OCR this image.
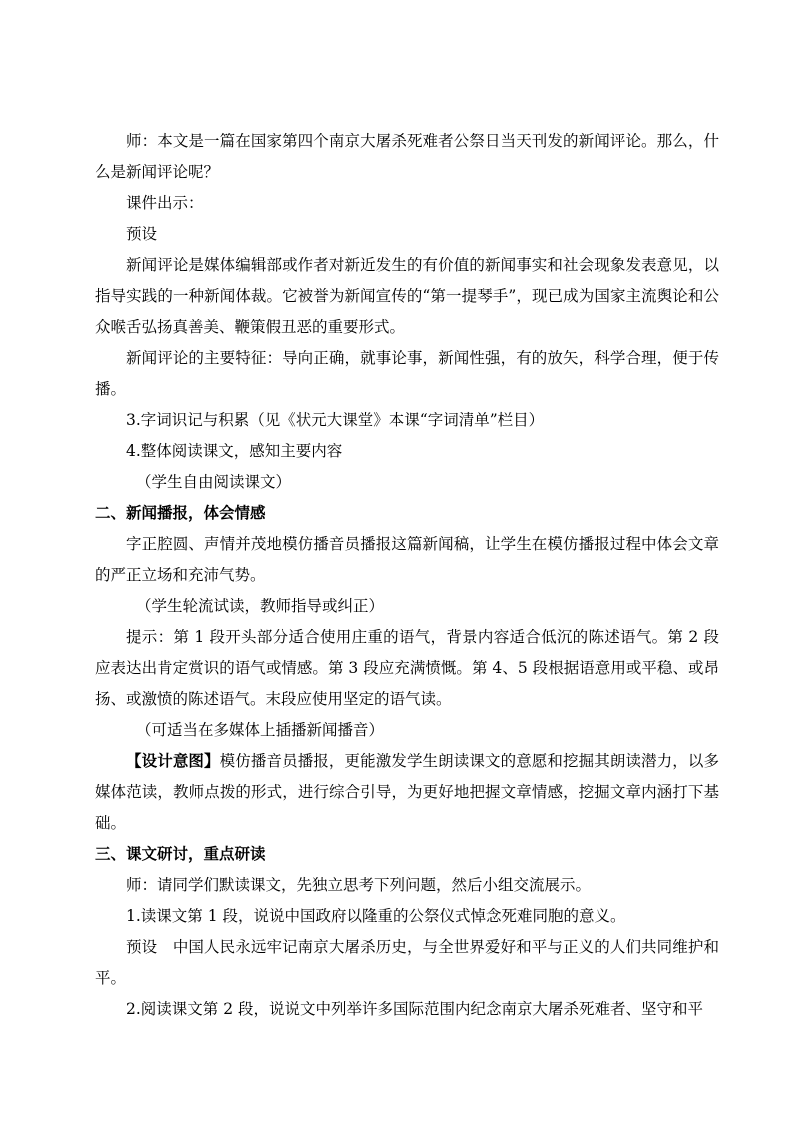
师：本文是一篇在国家第四个南京大屠杀死难者公祭日当天刊发的新闻评论。那么，什么是新闻评论呢？

课件出示：

预设

新闻评论是媒体编辑部或作者对新近发生的有价值的新闻事实和社会现象发表意见，以指导实践的一种新闻体裁。它被誉为新闻宣传的“第一提琴手”，现已成为国家主流舆论和公众喉舌弘扬真善美、鞭策假丑恶的重要形式。

新闻评论的主要特征：导向正确，就事论事，新闻性强，有的放矢，科学合理，便于传播。

3.字词识记与积累（见《状元大课堂》本课“字词清单”栏目）

4.整体阅读课文，感知主要内容

（学生自由阅读课文）

二、新闻播报，体会情感

字正腔圆、声情并茂地模仿播音员播报这篇新闻稿，让学生在模仿播报过程中体会文章的严正立场和充沛气势。

（学生轮流试读，教师指导或纠正）

提示：第 1 段开头部分适合使用庄重的语气，背景内容适合低沉的陈述语气。第 2 段应表达出肯定赏识的语气或情感。第 3 段应充满愤慨。第 4、5 段根据语意用或平稳、或昂扬、或激愤的陈述语气。末段应使用坚定的语气读。

（可适当在多媒体上插播新闻播音）

【设计意图】模仿播音员播报，更能激发学生朗读课文的意愿和挖掘其朗读潜力，以多媒体范读，教师点拨的形式，进行综合引导，为更好地把握文章情感，挖掘文章内涵打下基础。

三、课文研讨，重点研读

师：请同学们默读课文，先独立思考下列问题，然后小组交流展示。

1.读课文第 1 段，说说中国政府以隆重的公祭仪式悼念死难同胞的意义。

预设　中国人民永远牢记南京大屠杀历史，与全世界爱好和平与正义的人们共同维护和平。

2.阅读课文第 2 段，说说文中列举许多国际范围内纪念南京大屠杀死难者、坚守和平
